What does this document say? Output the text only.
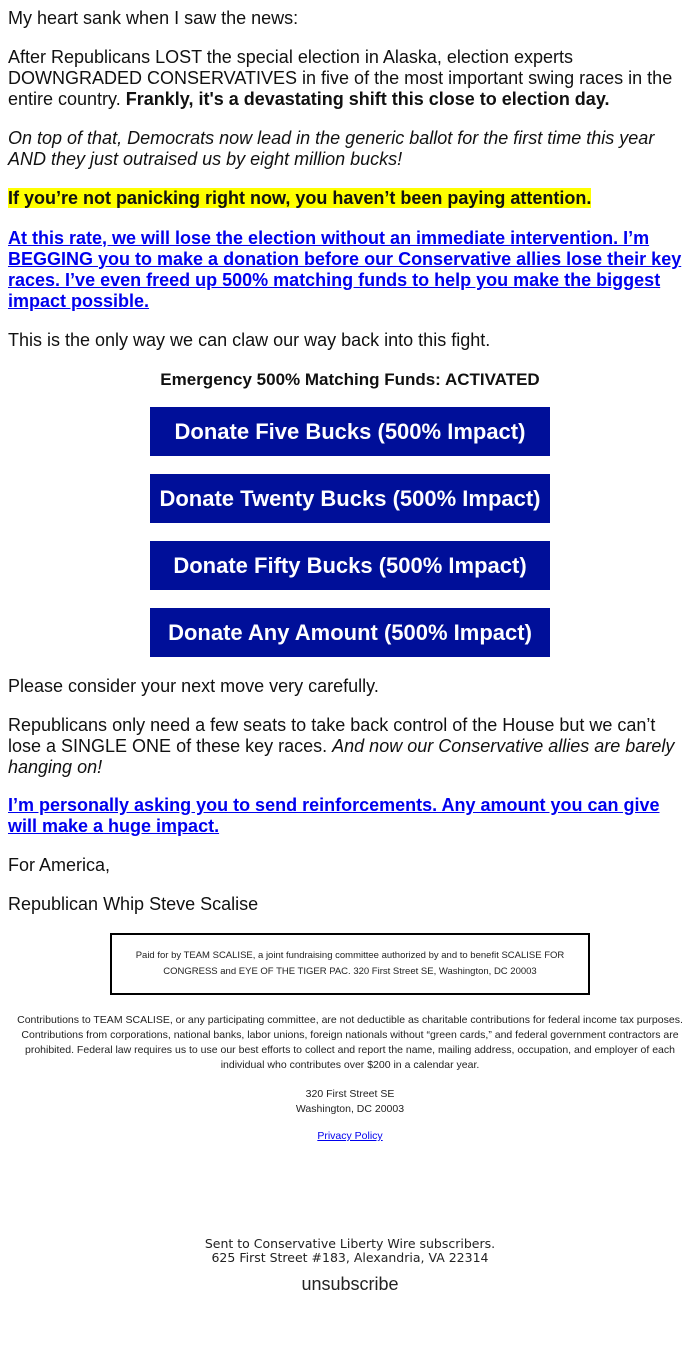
My heart sank when I saw the news:

After Republicans LOST the special election in Alaska, election experts DOWNGRADED CONSERVATIVES in five of the most important swing races in the entire country. Frankly, it's a devastating shift this close to election day.

On top of that, Democrats now lead in the generic ballot for the first time this year AND they just outraised us by eight million bucks!

If you’re not panicking right now, you haven’t been paying attention.

At this rate, we will lose the election without an immediate intervention. I’m
BEGGING you to make a donation before our Conservative allies lose their key races. I’ve even freed up 500% matching funds to help you make the biggest impact possible.

This is the only way we can claw our way back into this fight.

Emergency 500% Matching Funds: ACTIVATED

Donate Five Bucks (500% Impact)
Donate Twenty Bucks (500% Impact)
Donate Fifty Bucks (500% Impact)
Donate Any Amount (500% Impact)

Please consider your next move very carefully.

Republicans only need a few seats to take back control of the House but we can’t lose a SINGLE ONE of these key races. And now our Conservative allies are barely hanging on!

I’m personally asking you to send reinforcements. Any amount you can give will make a huge impact.

For America,

Republican Whip Steve Scalise

Paid for by TEAM SCALISE, a joint fundraising committee authorized by and to benefit SCALISE FOR CONGRESS and EYE OF THE TIGER PAC. 320 First Street SE, Washington, DC 20003
Contributions to TEAM SCALISE, or any participating committee, are not deductible as charitable contributions for federal income tax purposes. Contributions from corporations, national banks, labor unions, foreign nationals without “green cards,” and federal government contractors are prohibited. Federal law requires us to use our best efforts to collect and report the name, mailing address, occupation, and employer of each individual who contributes over $200 in a calendar year.
320 First Street SE
Washington, DC 20003
Privacy Policy
Sent to Conservative Liberty Wire subscribers.
625 First Street #183, Alexandria, VA 22314
unsubscribe
